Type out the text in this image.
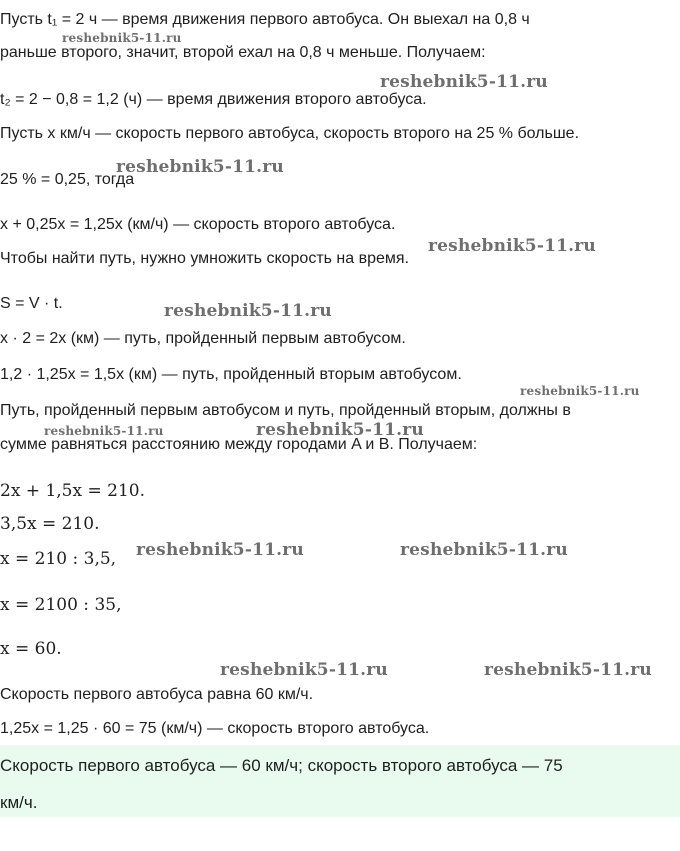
Пусть t₁ = 2 ч — время движения первого автобуса. Он выехал на 0,8 ч
раньше второго, значит, второй ехал на 0,8 ч меньше. Получаем:
t₂ = 2 − 0,8 = 1,2 (ч) — время движения второго автобуса.
Пусть x км/ч — скорость первого автобуса, скорость второго на 25 % больше.
25 % = 0,25, тогда
x + 0,25x = 1,25x (км/ч) — скорость второго автобуса.
Чтобы найти путь, нужно умножить скорость на время.
S = V · t.
x · 2 = 2x (км) — путь, пройденный первым автобусом.
1,2 · 1,25x = 1,5x (км) — путь, пройденный вторым автобусом.
Путь, пройденный первым автобусом и путь, пройденный вторым, должны в
сумме равняться расстоянию между городами A и B. Получаем:
2x + 1,5x = 210.
3,5x = 210.
x = 210 : 3,5,
x = 2100 : 35,
x = 60.
Скорость первого автобуса равна 60 км/ч.
1,25x = 1,25 · 60 = 75 (км/ч) — скорость второго автобуса.
Скорость первого автобуса — 60 км/ч; скорость второго автобуса — 75
км/ч.
reshebnik5-11.ru
reshebnik5-11.ru
reshebnik5-11.ru
reshebnik5-11.ru
reshebnik5-11.ru
reshebnik5-11.ru
reshebnik5-11.ru	reshebnik5-11.ru
reshebnik5-11.ru	reshebnik5-11.ru
reshebnik5-11.ru	reshebnik5-11.ru
